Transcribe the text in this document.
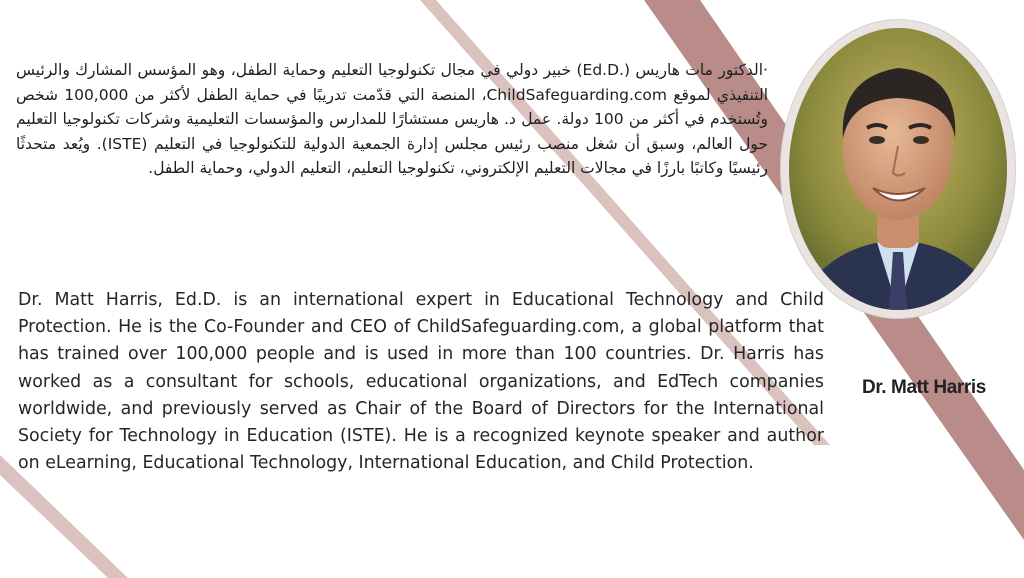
·الدكتور مات هاريس (.Ed.D) خبير دولي في مجال تكنولوجيا التعليم وحماية الطفل، وهو المؤسس المشارك والرئيس التنفيذي لموقع ChildSafeguarding.com، المنصة التي قدّمت تدريبًا في حماية الطفل لأكثر من 100,000 شخص وتُستخدم في أكثر من 100 دولة. عمل د. هاريس مستشارًا للمدارس والمؤسسات التعليمية وشركات تكنولوجيا التعليم حول العالم، وسبق أن شغل منصب رئيس مجلس إدارة الجمعية الدولية للتكنولوجيا في التعليم (ISTE). ويُعد متحدثًا رئيسيًا وكاتبًا بارزًا في مجالات التعليم الإلكتروني، تكنولوجيا التعليم، التعليم الدولي، وحماية الطفل.
Dr. Matt Harris, Ed.D. is an international expert in Educational Technology and Child Protection. He is the Co-Founder and CEO of ChildSafeguarding.com, a global platform that has trained over 100,000 people and is used in more than 100 countries. Dr. Harris has worked as a consultant for schools, educational organizations, and EdTech companies worldwide, and previously served as Chair of the Board of Directors for the International Society for Technology in Education (ISTE). He is a recognized keynote speaker and author on eLearning, Educational Technology, International Education, and Child Protection.
Dr. Matt Harris
